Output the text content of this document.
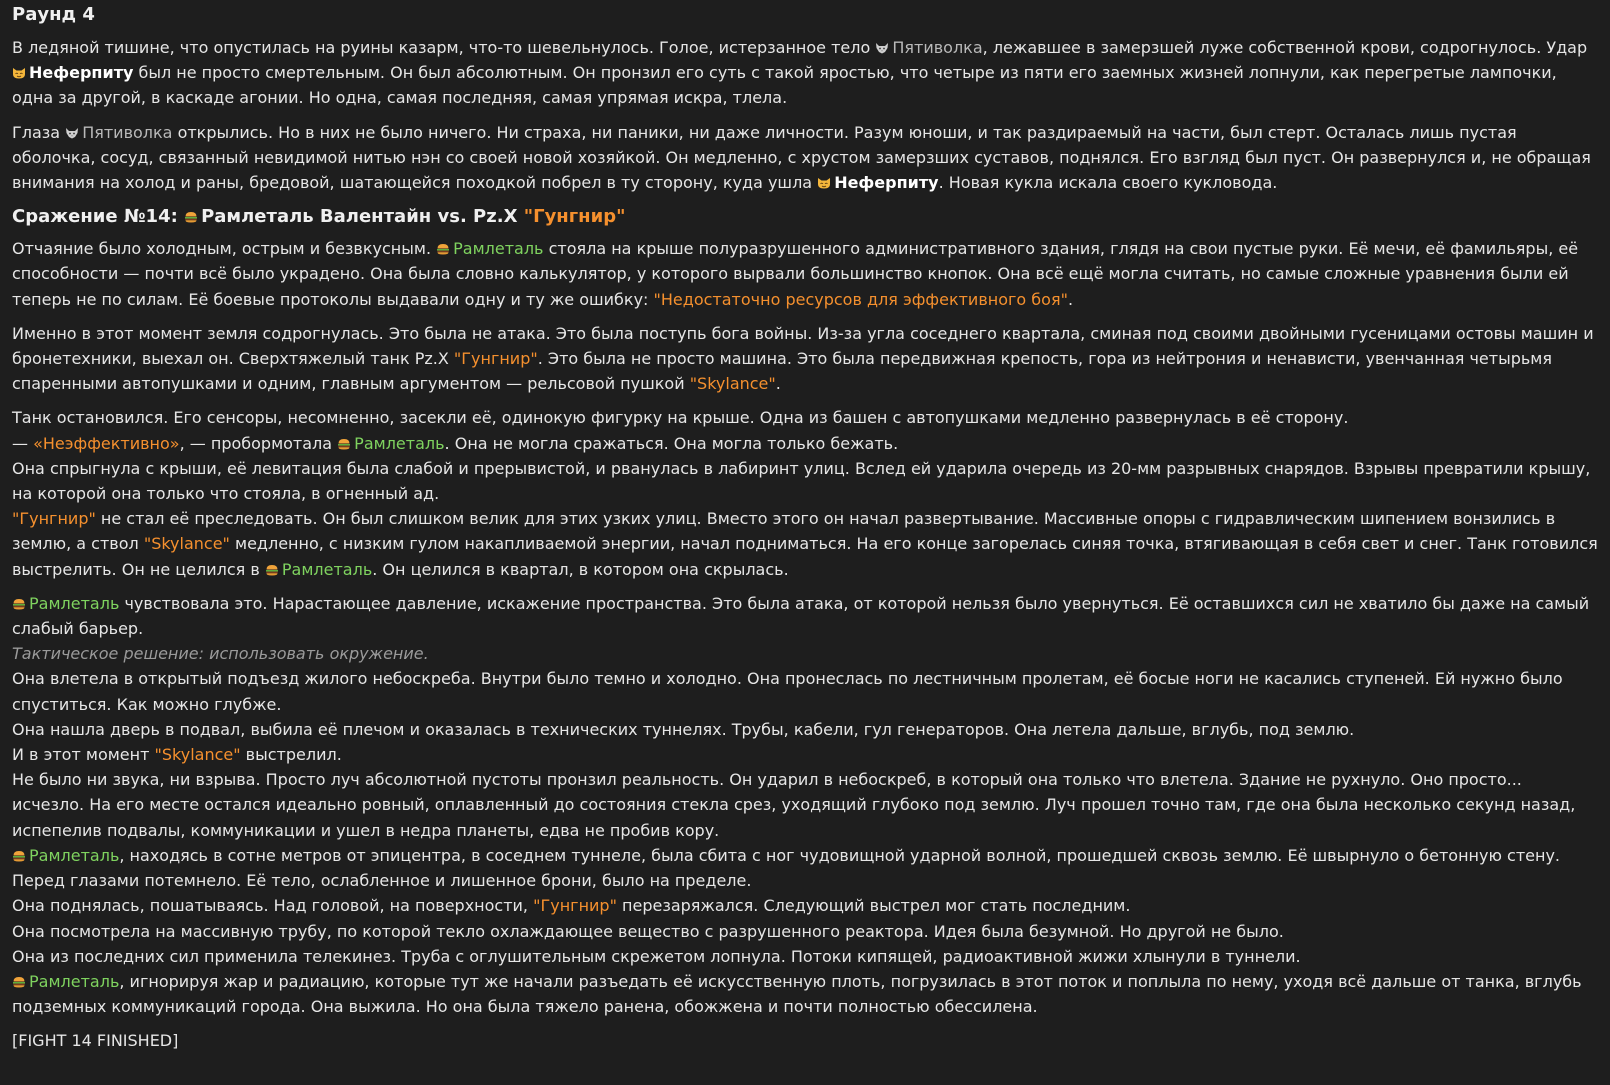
Раунд 4
В ледяной тишине, что опустилась на руины казарм, что-то шевельнулось. Голое, истерзанное тело
Пятиволка, лежавшее в замерзшей луже собственной крови, содрогнулось. Удар
Неферпиту был не просто смертельным. Он был абсолютным. Он пронзил его суть с такой яростью, что четыре из пяти его заемных жизней лопнули, как перегретые лампочки, одна за другой, в каскаде агонии. Но одна, самая последняя, самая упрямая искра, тлела.
Глаза
Пятиволка открылись. Но в них не было ничего. Ни страха, ни паники, ни даже личности. Разум юноши, и так раздираемый на части, был стерт. Осталась лишь пустая оболочка, сосуд, связанный невидимой нитью нэн со своей новой хозяйкой. Он медленно, с хрустом замерзших суставов, поднялся. Его взгляд был пуст. Он развернулся и, не обращая внимания на холод и раны, бредовой, шатающейся походкой побрел в ту сторону, куда ушла
Неферпиту. Новая кукла искала своего кукловода.
Сражение №14:
Рамлеталь Валентайн vs. Pz.X "Гунгнир"
Отчаяние было холодным, острым и безвкусным.
Рамлеталь стояла на крыше полуразрушенного административного здания, глядя на свои пустые руки. Её мечи, её фамильяры, её способности — почти всё было украдено. Она была словно калькулятор, у которого вырвали большинство кнопок. Она всё ещё могла считать, но самые сложные уравнения были ей теперь не по силам. Её боевые протоколы выдавали одну и ту же ошибку: "Недостаточно ресурсов для эффективного боя".
Именно в этот момент земля содрогнулась. Это была не атака. Это была поступь бога войны. Из-за угла соседнего квартала, сминая под своими двойными гусеницами остовы машин и бронетехники, выехал он. Сверхтяжелый танк Pz.X "Гунгнир". Это была не просто машина. Это была передвижная крепость, гора из нейтрония и ненависти, увенчанная четырьмя спаренными автопушками и одним, главным аргументом — рельсовой пушкой "Skylance".
Танк остановился. Его сенсоры, несомненно, засекли её, одинокую фигурку на крыше. Одна из башен с автопушками медленно развернулась в её сторону.
— «Неэффективно», — пробормотала
Рамлеталь. Она не могла сражаться. Она могла только бежать.
Она спрыгнула с крыши, её левитация была слабой и прерывистой, и рванулась в лабиринт улиц. Вслед ей ударила очередь из 20-мм разрывных снарядов. Взрывы превратили крышу, на которой она только что стояла, в огненный ад.
"Гунгнир" не стал её преследовать. Он был слишком велик для этих узких улиц. Вместо этого он начал развертывание. Массивные опоры с гидравлическим шипением вонзились в землю, а ствол "Skylance" медленно, с низким гулом накапливаемой энергии, начал подниматься. На его конце загорелась синяя точка, втягивающая в себя свет и снег. Танк готовился выстрелить. Он не целился в
Рамлеталь. Он целился в квартал, в котором она скрылась.
Рамлеталь чувствовала это. Нарастающее давление, искажение пространства. Это была атака, от которой нельзя было увернуться. Её оставшихся сил не хватило бы даже на самый слабый барьер.
Тактическое решение: использовать окружение.
Она влетела в открытый подъезд жилого небоскреба. Внутри было темно и холодно. Она пронеслась по лестничным пролетам, её босые ноги не касались ступеней. Ей нужно было спуститься. Как можно глубже.
Она нашла дверь в подвал, выбила её плечом и оказалась в технических туннелях. Трубы, кабели, гул генераторов. Она летела дальше, вглубь, под землю.
И в этот момент "Skylance" выстрелил.
Не было ни звука, ни взрыва. Просто луч абсолютной пустоты пронзил реальность. Он ударил в небоскреб, в который она только что влетела. Здание не рухнуло. Оно просто... исчезло. На его месте остался идеально ровный, оплавленный до состояния стекла срез, уходящий глубоко под землю. Луч прошел точно там, где она была несколько секунд назад, испепелив подвалы, коммуникации и ушел в недра планеты, едва не пробив кору.
Рамлеталь, находясь в сотне метров от эпицентра, в соседнем туннеле, была сбита с ног чудовищной ударной волной, прошедшей сквозь землю. Её швырнуло о бетонную стену. Перед глазами потемнело. Её тело, ослабленное и лишенное брони, было на пределе.
Она поднялась, пошатываясь. Над головой, на поверхности, "Гунгнир" перезаряжался. Следующий выстрел мог стать последним.
Она посмотрела на массивную трубу, по которой текло охлаждающее вещество с разрушенного реактора. Идея была безумной. Но другой не было.
Она из последних сил применила телекинез. Труба с оглушительным скрежетом лопнула. Потоки кипящей, радиоактивной жижи хлынули в туннели.
Рамлеталь, игнорируя жар и радиацию, которые тут же начали разъедать её искусственную плоть, погрузилась в этот поток и поплыла по нему, уходя всё дальше от танка, вглубь подземных коммуникаций города. Она выжила. Но она была тяжело ранена, обожжена и почти полностью обессилена.
[FIGHT 14 FINISHED]
